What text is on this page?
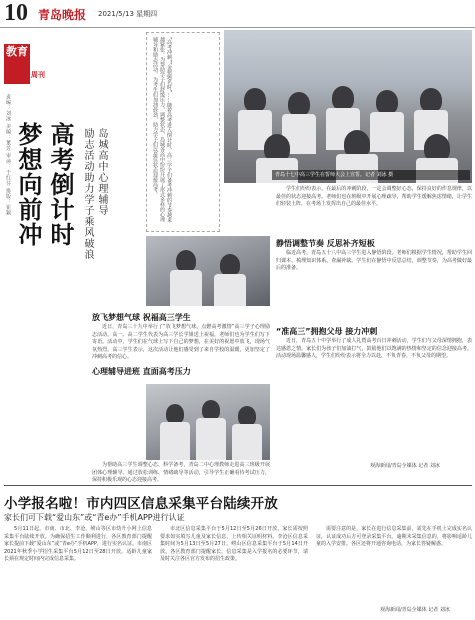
10 青岛晚报 2021/5/13 星期四
教育
周刊
责编：刘冰 美编：董芳 审读：于红芬 排版：崔颖 高考倒计时
梦想向前冲	岛城高中心理辅导
励志活动助力学子乘风破浪	“高考冲刺”“金榜题名时”……随着高考进入倒计时，高三学子们备考冲刺的节奏越来越紧张。为帮助学子们舒缓压力，调整状态，岛城各高中纷纷开展了形式多样的心理辅导和励志活动，为考生们加油鼓劲，助力学子们以最佳状态迎接高考。	青岛十七中高三学生在誓师大会上宣誓。记者 刘冰 摄
放飞梦想气球 祝福高三学生

近日，青岛三十九中举行了“放飞梦想气球，点燃高考激情”高三学子心理励志活动。高一、高二学生代表为高三学长学姐送上祝福，老师们也为学生们写下寄语。活动中，学生们在气球上写下自己的梦想，在美好的祝愿中放飞，现场气氛热烈。高三学生表示，这次活动让他们感受到了来自学校的温暖，更加坚定了冲刺高考的信心。

心理辅导进班 直面高考压力

为帮助高三学生调整心态、科学备考，青岛二中心理教师走进高三班级开展团体心理辅导。通过放松训练、情绪疏导等活动，引导学生正确看待考试压力，保持积极乐观的心态迎接高考。

学生们纷纷表示，在最后的冲刺阶段，一定会调整好心态，保持良好的作息规律，以最佳的状态迎接高考。老师们也在班级中开展心理疏导，帮助学生缓解焦虑情绪，让学生们轻装上阵，在考场上发挥出自己的最佳水平。

静悟调整节奏 反思补齐短板

临近高考，青岛五十八中高三学生进入静悟阶段。老师们根据学生情况，帮助学生回归课本、梳理知识体系、查漏补缺。学生们在静悟中反思总结，调整节奏，为高考做好最后的准备。

“准高三”拥抱父母 接力冲刺

近日，青岛五十中学举行了成人礼暨高考百日冲刺活动，学生们与父母深情拥抱，表达感恩之情。家长们为孩子们加油打气，鼓励他们以饱满的热情和坚定的信念迎接高考。活动现场温馨感人，学生们纷纷表示将全力以赴，不负青春，不负父母的期望。

观海新闻/青岛全媒体 记者 刘冰
小学报名啦！市内四区信息采集平台陆续开放
家长们可下载“爱山东”或“青e办”手机APP进行认证

5月11日起，市南、市北、李沧、崂山等区市幼升小网上信息采集平台陆续开放。为确保招生工作顺利进行，各区教育部门提醒家长提前下载“爱山东”或“青e办”手机APP，进行实名认证。市南区2021年秋季小学招生采集平台5月12日至28日开放，适龄儿童家长须在规定时间内完成信息采集。

市北区信息采集平台于5月12日至5月26日开放，家长需按照要求如实填写儿童及家长信息，上传相关证明材料。李沧区信息采集时间为5月13日至5月27日。崂山区信息采集平台于5月14日开放。各区教育部门提醒家长，信息采集是入学报名的必要环节，请及时关注各区官方发布的招生政策。

需要注意的是，家长在进行信息采集前，需先在手机上完成实名认证，认证成功后方可登录采集平台。逾期未采集信息的，将影响适龄儿童的入学安排。各区还将开通咨询电话，为家长答疑解惑。

观海新闻/青岛全媒体 记者 刘冰
